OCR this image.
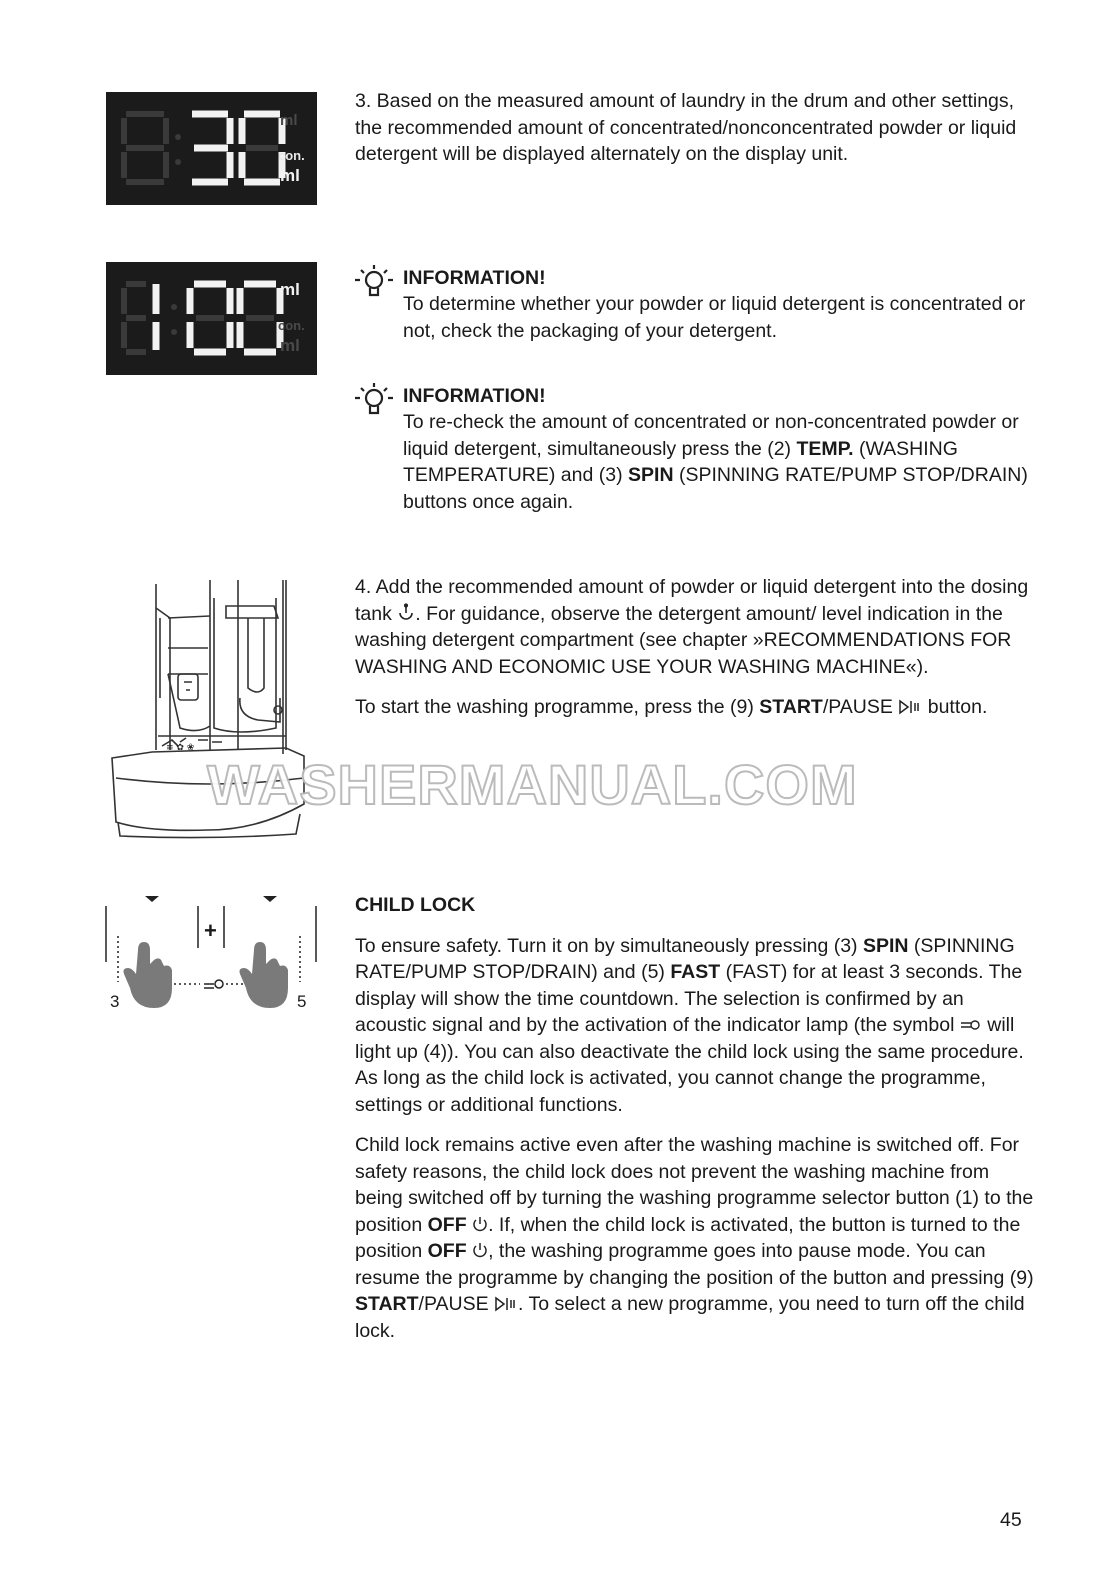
ml
con.
ml
ml
con.
ml

3. Based on the measured amount of laundry in the drum and other settings, the recommended amount of concentrated/nonconcentrated powder or liquid detergent will be displayed alternately on the display unit.

INFORMATION!

To determine whether your powder or liquid detergent is concentrated or not, check the packaging of your detergent.

INFORMATION!

To re-check the amount of concentrated or non-concentrated powder or liquid detergent, simultaneously press the (2) TEMP. (WASHING TEMPERATURE) and (3) SPIN (SPINNING RATE/PUMP STOP/DRAIN) buttons once again.

≡ ✿ ❀

4. Add the recommended amount of powder or liquid detergent into the dosing tank . For guidance, observe the detergent amount/ level indication in the washing detergent compartment (see chapter »RECOMMENDATIONS FOR WASHING AND ECONOMIC USE YOUR WASHING MACHINE«).

To start the washing programme, press the (9) START/PAUSE  button.

WASHERMANUAL.COM
+
3	5

CHILD LOCK

To ensure safety. Turn it on by simultaneously pressing (3) SPIN (SPINNING RATE/PUMP STOP/DRAIN) and (5) FAST (FAST) for at least 3 seconds. The display will show the time countdown. The selection is confirmed by an acoustic signal and by the activation of the indicator lamp (the symbol  will light up (4)). You can also deactivate the child lock using the same procedure. As long as the child lock is activated, you cannot change the programme, settings or additional functions.

Child lock remains active even after the washing machine is switched off. For safety reasons, the child lock does not prevent the washing machine from being switched off by turning the washing programme selector button (1) to the position OFF . If, when the child lock is activated, the button is turned to the position OFF , the washing programme goes into pause mode. You can resume the programme by changing the position of the button and pressing (9) START/PAUSE . To select a new programme, you need to turn off the child lock.

45
